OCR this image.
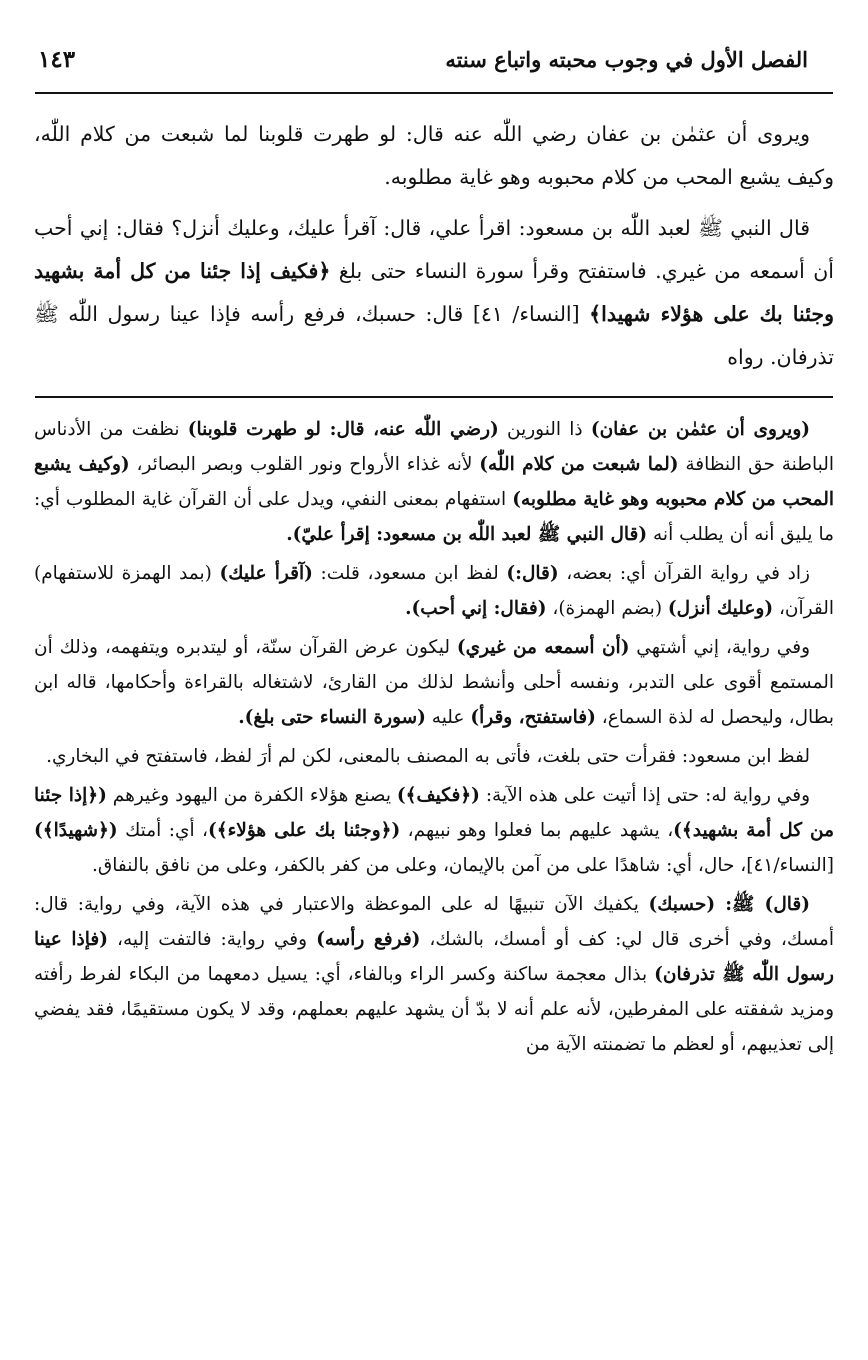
الفصل الأول في وجوب محبته واتباع سنته
١٤٣

ويروى أن عثمٰن بن عفان رضي اللّٰه عنه قال: لو طهرت قلوبنا لما شبعت من كلام اللّٰه، وكيف يشبع المحب من كلام محبوبه وهو غاية مطلوبه.

قال النبي ﷺ لعبد اللّٰه بن مسعود: اقرأ علي، قال: آقرأ عليك، وعليك أنزل؟ فقال: إني أحب أن أسمعه من غيري. فاستفتح وقرأ سورة النساء حتى بلغ ﴿فكيف إذا جئنا من كل أمة بشهيد وجئنا بك على هؤلاء شهيدا﴾ [النساء/ ٤١] قال: حسبك، فرفع رأسه فإذا عينا رسول اللّٰه ﷺ تذرفان. رواه

(ويروى أن عثمٰن بن عفان) ذا النورين (رضي اللّٰه عنه، قال: لو طهرت قلوبنا) نظفت من الأدناس الباطنة حق النظافة (لما شبعت من كلام اللّٰه) لأنه غذاء الأرواح ونور القلوب وبصر البصائر، (وكيف يشبع المحب من كلام محبوبه وهو غاية مطلوبه) استفهام بمعنى النفي، ويدل على أن القرآن غاية المطلوب أي: ما يليق أنه أن يطلب أنه (قال النبي ﷺ لعبد اللّٰه بن مسعود: إقرأ عليّ).

زاد في رواية القرآن أي: بعضه، (قال:) لفظ ابن مسعود، قلت: (آقرأ عليك) (بمد الهمزة للاستفهام) القرآن، (وعليك أنزل) (بضم الهمزة)، (فقال: إني أحب).

وفي رواية، إني أشتهي (أن أسمعه من غيري) ليكون عرض القرآن سنّة، أو ليتدبره ويتفهمه، وذلك أن المستمع أقوى على التدبر، ونفسه أحلى وأنشط لذلك من القارئ، لاشتغاله بالقراءة وأحكامها، قاله ابن بطال، وليحصل له لذة السماع، (فاستفتح، وقرأ) عليه (سورة النساء حتى بلغ).

لفظ ابن مسعود: فقرأت حتى بلغت، فأتى به المصنف بالمعنى، لكن لم أرَ لفظ، فاستفتح في البخاري.

وفي رواية له: حتى إذا أتيت على هذه الآية: (﴿فكيف﴾) يصنع هؤلاء الكفرة من اليهود وغيرهم (﴿إذا جئنا من كل أمة بشهيد﴾)، يشهد عليهم بما فعلوا وهو نبيهم، (﴿وجئنا بك على هؤلاء﴾)، أي: أمتك (﴿شهيدًا﴾) [النساء/٤١]، حال، أي: شاهدًا على من آمن بالإيمان، وعلى من كفر بالكفر، وعلى من نافق بالنفاق.

(قال) ﷺ: (حسبك) يكفيك الآن تنبيهًا له على الموعظة والاعتبار في هذه الآية، وفي رواية: قال: أمسك، وفي أخرى قال لي: كف أو أمسك، بالشك، (فرفع رأسه) وفي رواية: فالتفت إليه، (فإذا عينا رسول اللّٰه ﷺ تذرفان) بذال معجمة ساكنة وكسر الراء وبالفاء، أي: يسيل دمعهما من البكاء لفرط رأفته ومزيد شفقته على المفرطين، لأنه علم أنه لا بدّ أن يشهد عليهم بعملهم، وقد لا يكون مستقيمًا، فقد يفضي إلى تعذيبهم، أو لعظم ما تضمنته الآية من
